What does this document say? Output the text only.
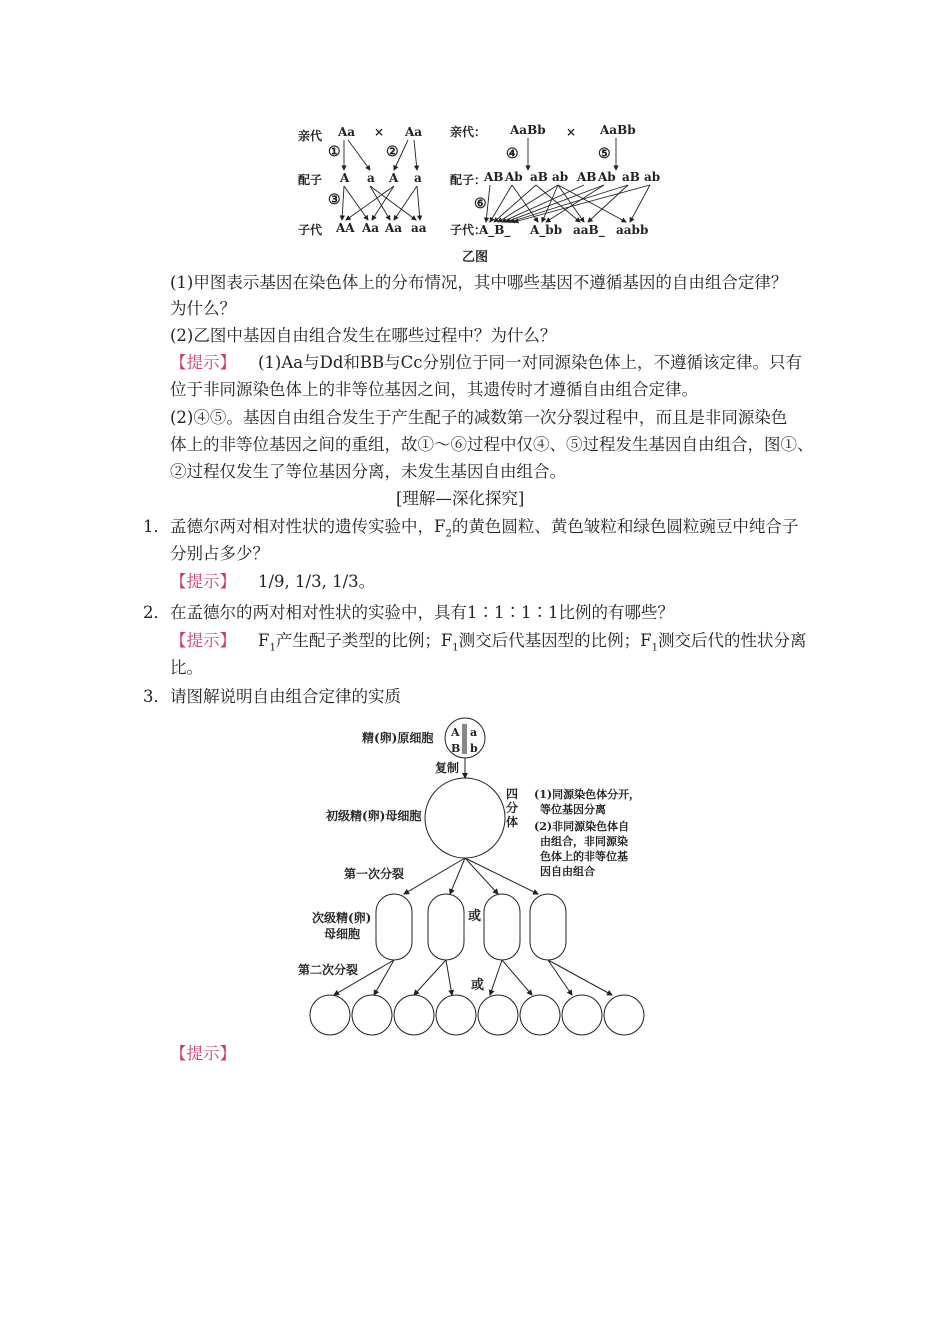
亲代 Aa × Aa
①	②
配子 A a A a
③
子代 AA Aa Aa aa
亲代： AaBb × AaBb
④	⑤
配子：
AB Ab aB ab AB Ab aB ab
⑥
子代：
A_B_ A_bb aaB_ aabb
乙图
(1)甲图表示基因在染色体上的分布情况，其中哪些基因不遵循基因的自由组合定律？
为什么？
(2)乙图中基因自由组合发生在哪些过程中？为什么？
【提示】 (1)Aa与Dd和BB与Cc分别位于同一对同源染色体上，不遵循该定律。只有
位于非同源染色体上的非等位基因之间，其遗传时才遵循自由组合定律。
(2)④⑤。基因自由组合发生于产生配子的减数第一次分裂过程中，而且是非同源染色
体上的非等位基因之间的重组，故①～⑥过程中仅④、⑤过程发生基因自由组合，图①、
②过程仅发生了等位基因分离，未发生基因自由组合。
[理解—深化探究]
1．孟德尔两对相对性状的遗传实验中，$F_2$的黄色圆粒、黄色皱粒和绿色圆粒豌豆中纯合子
分别占多少？
【提示】 1/9, 1/3, 1/3。
2．在孟德尔的两对相对性状的实验中，具有1∶1∶1∶1比例的有哪些？
【提示】 $F_1$产生配子类型的比例；$F_1$测交后代基因型的比例；$F_1$测交后代的性状分离
比。
3．请图解说明自由组合定律的实质
精(卵)原细胞
复制
初级精(卵)母细胞
四
分
体
(1)同源染色体分开，
等位基因分离
(2)非同源染色体自
由组合，非同源染
色体上的非等位基
因自由组合
第一次分裂
次级精(卵)
母细胞
或
第二次分裂
或
A a
B b
【提示】
